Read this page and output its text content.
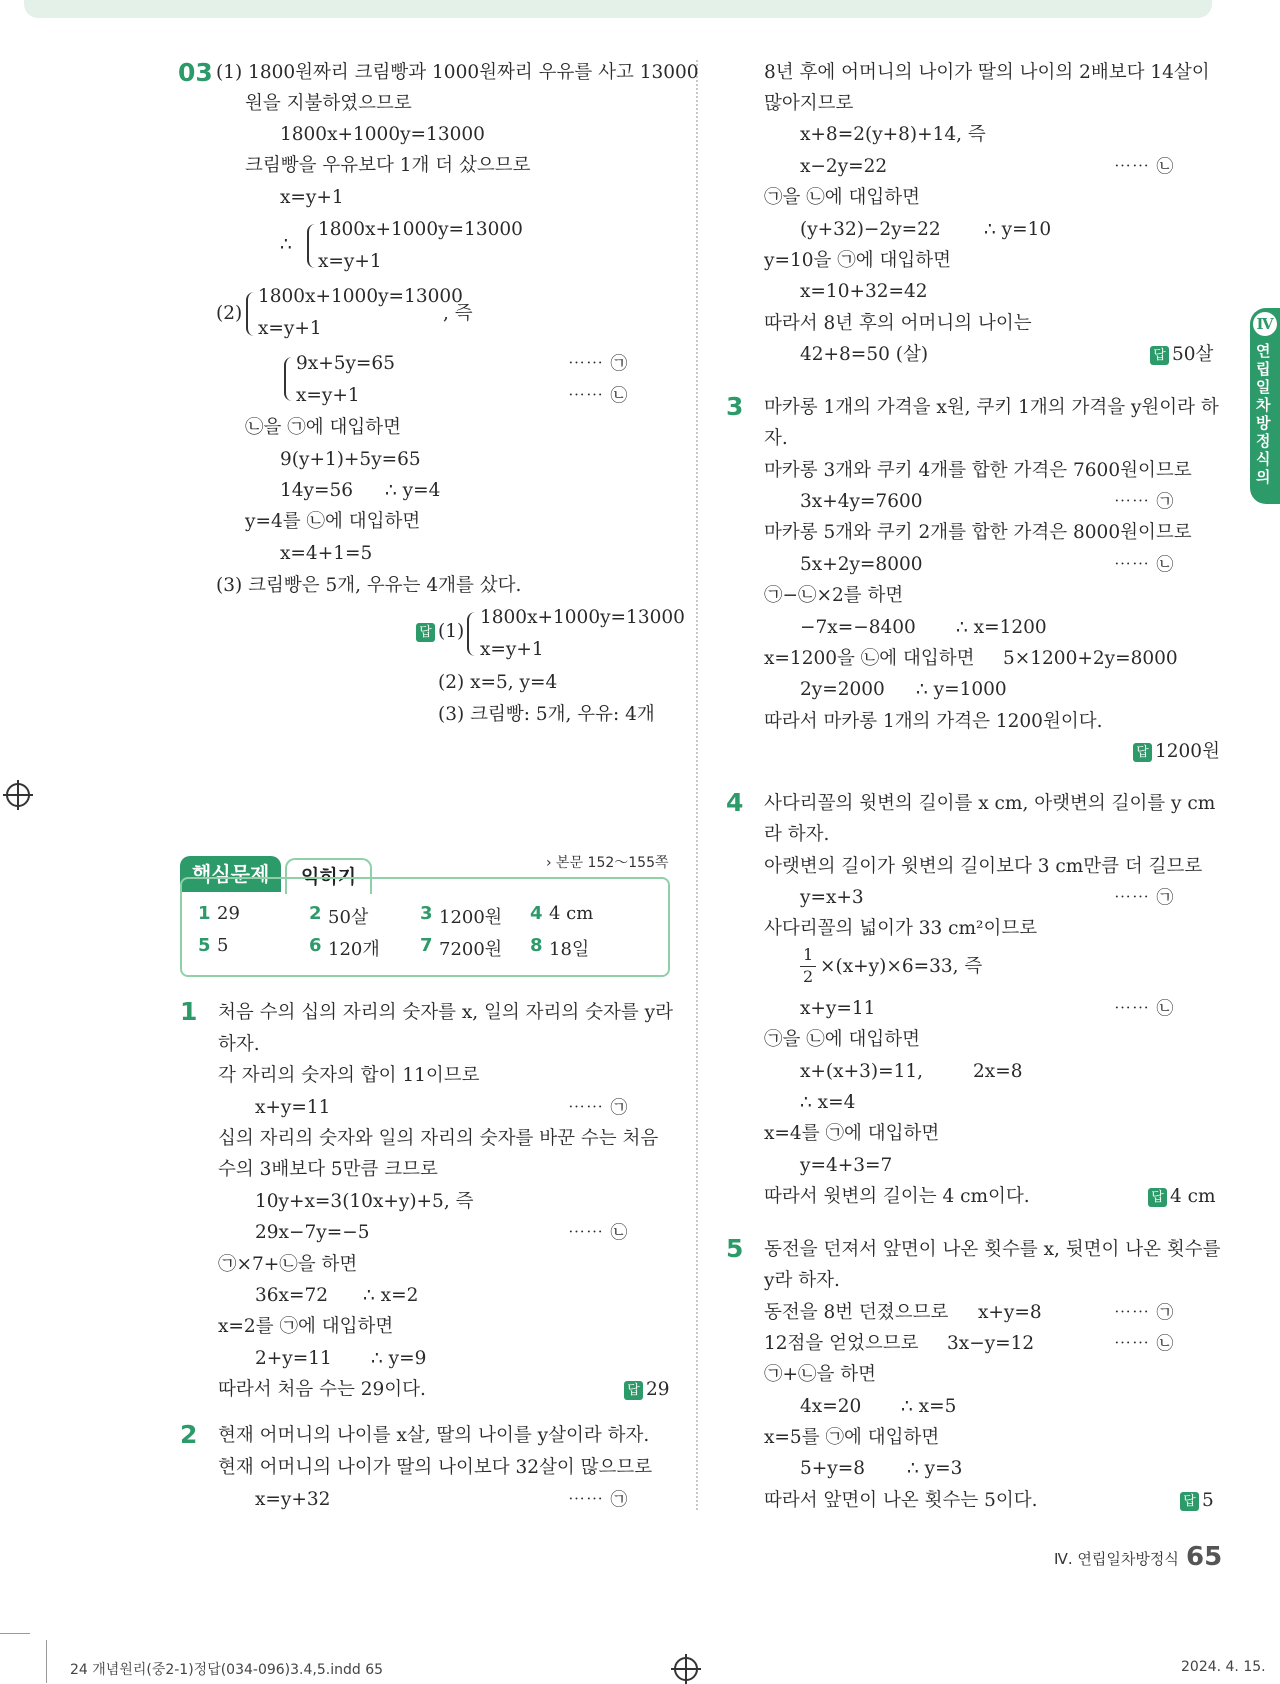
03 (1) 1800원짜리 크림빵과 1000원짜리 우유를 사고 13000
원을 지불하였으므로
1800x+1000y=13000
크림빵을 우유보다 1개 더 샀으므로
x=y+1
∴
1800x+1000y=13000
x=y+1
(2)
1800x+1000y=13000
x=y+1
, 즉
9x+5y=65
x=y+1
⋯⋯ ㉠
⋯⋯ ㉡
㉡을 ㉠에 대입하면
9(y+1)+5y=65
14y=56 ∴ y=4
y=4를 ㉡에 대입하면
x=4+1=5
(3) 크림빵은 5개, 우유는 4개를 샀다.
답 (1)
1800x+1000y=13000
x=y+1
(2) x=5, y=4
(3) 크림빵: 5개, 우유: 4개
핵심문제	익히기
› 본문 152～155쪽
1 29	2 50살	3 1200원 4 4 cm
5 5	6 120개 7 7200원 8 18일
1 처음 수의 십의 자리의 숫자를 x, 일의 자리의 숫자를 y라
하자.
각 자리의 숫자의 합이 11이므로
x+y=11	⋯⋯ ㉠
십의 자리의 숫자와 일의 자리의 숫자를 바꾼 수는 처음
수의 3배보다 5만큼 크므로
10y+x=3(10x+y)+5, 즉
29x−7y=−5	⋯⋯ ㉡
㉠×7+㉡을 하면
36x=72 ∴ x=2
x=2를 ㉠에 대입하면
2+y=11 ∴ y=9
따라서 처음 수는 29이다.	답 29
2 현재 어머니의 나이를 x살, 딸의 나이를 y살이라 하자.
현재 어머니의 나이가 딸의 나이보다 32살이 많으므로
x=y+32	⋯⋯ ㉠
8년 후에 어머니의 나이가 딸의 나이의 2배보다 14살이
많아지므로
x+8=2(y+8)+14, 즉
x−2y=22	⋯⋯ ㉡
㉠을 ㉡에 대입하면
(y+32)−2y=22 ∴ y=10
y=10을 ㉠에 대입하면
x=10+32=42
따라서 8년 후의 어머니의 나이는
42+8=50 (살)	답 50살
3 마카롱 1개의 가격을 x원, 쿠키 1개의 가격을 y원이라 하
자.
마카롱 3개와 쿠키 4개를 합한 가격은 7600원이므로
3x+4y=7600	⋯⋯ ㉠
마카롱 5개와 쿠키 2개를 합한 가격은 8000원이므로
5x+2y=8000	⋯⋯ ㉡
㉠−㉡×2를 하면
−7x=−8400 ∴ x=1200
x=1200을 ㉡에 대입하면 5×1200+2y=8000
2y=2000 ∴ y=1000
따라서 마카롱 1개의 가격은 1200원이다.
답 1200원
4 사다리꼴의 윗변의 길이를 x cm, 아랫변의 길이를 y cm
라 하자.
아랫변의 길이가 윗변의 길이보다 3 cm만큼 더 길므로
y=x+3	⋯⋯ ㉠
사다리꼴의 넓이가 33 cm²이므로
1
2 ×(x+y)×6=33, 즉
x+y=11	⋯⋯ ㉡
㉠을 ㉡에 대입하면
x+(x+3)=11,	2x=8
∴ x=4
x=4를 ㉠에 대입하면
y=4+3=7
따라서 윗변의 길이는 4 cm이다.	답 4 cm
5 동전을 던져서 앞면이 나온 횟수를 x, 뒷면이 나온 횟수를
y라 하자.
동전을 8번 던졌으므로 x+y=8	⋯⋯ ㉠
12점을 얻었으므로 3x−y=12	⋯⋯ ㉡
㉠+㉡을 하면
4x=20 ∴ x=5
x=5를 ㉠에 대입하면
5+y=8 ∴ y=3
따라서 앞면이 나온 횟수는 5이다.	답 5
Ⅳ
연립일차방정식의
Ⅳ. 연립일차방정식 65
24 개념원리(중2-1)정답(034-096)3.4,5.indd 65	2024. 4. 15.
